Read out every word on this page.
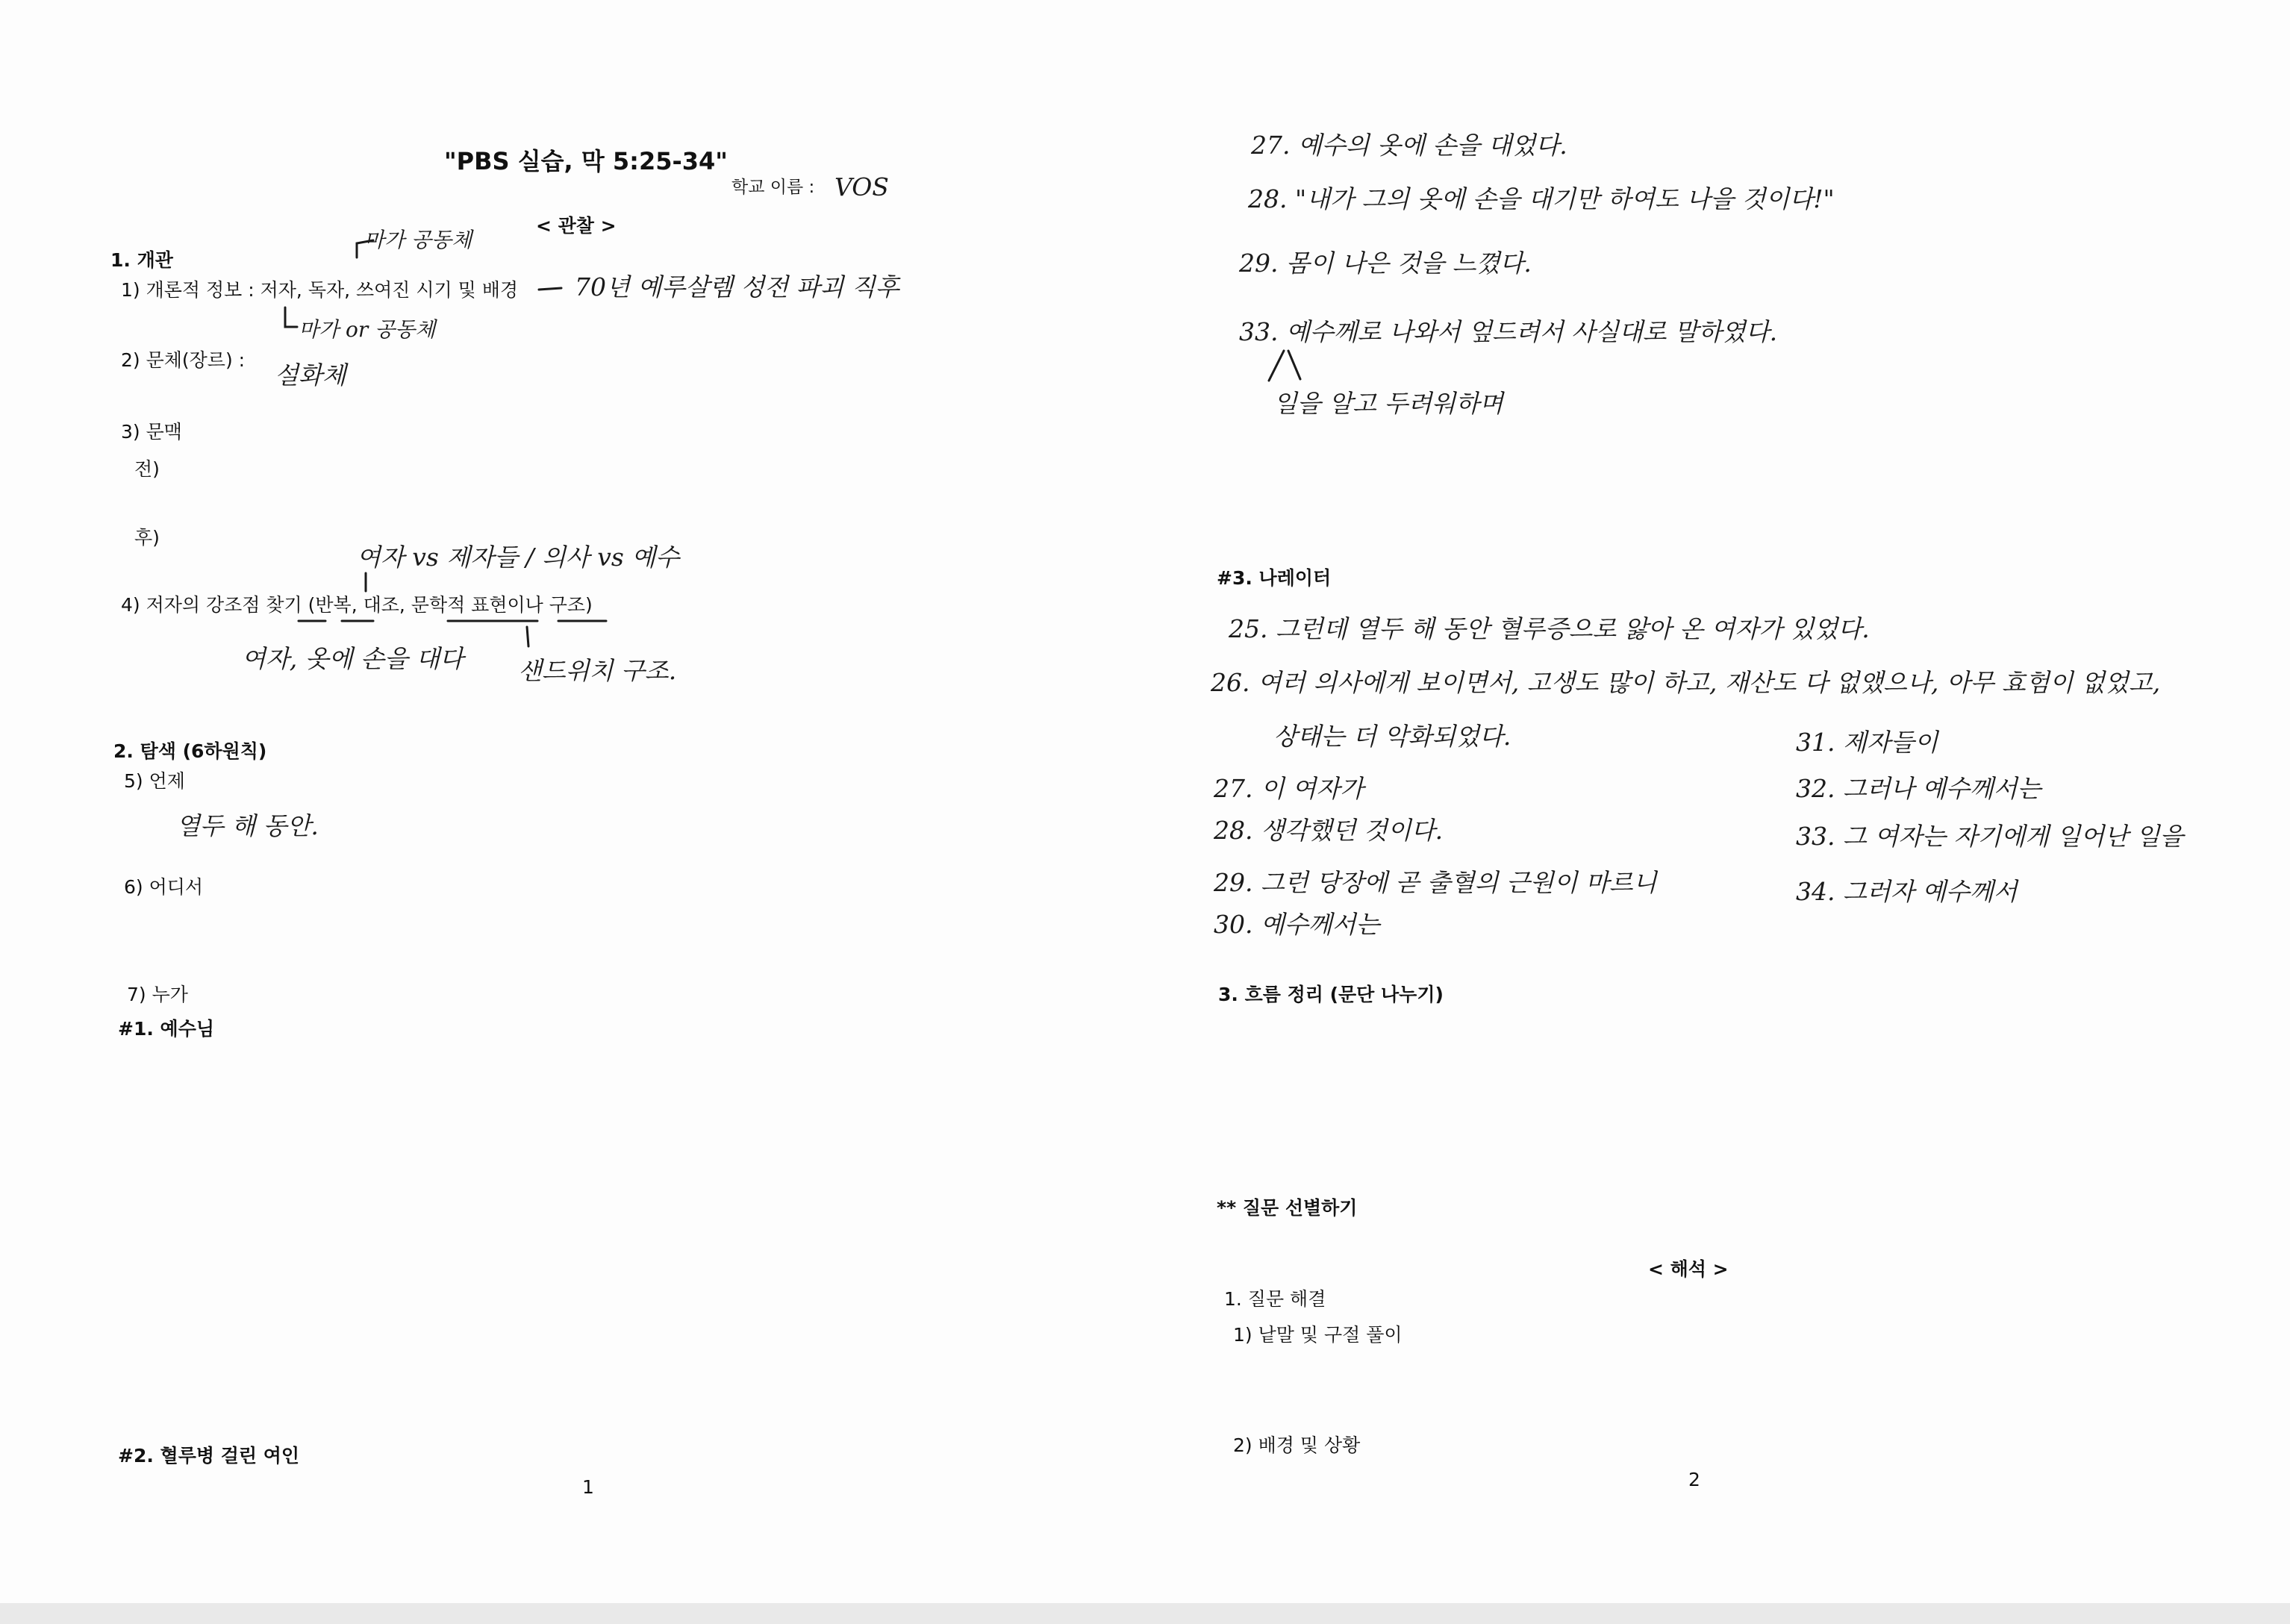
"PBS 실습, 막 5:25-34"
학교 이름 : VOS
< 관찰 >
1. 개관
마가 공동체
1) 개론적 정보 : 저자, 독자, 쓰여진 시기 및 배경 70년 예루살렘 성전 파괴 직후
마가 or 공동체
2) 문체(장르) :
설화체
3) 문맥
전)
후)
여자 vs 제자들 / 의사 vs 예수
4) 저자의 강조점 찾기 (반복, 대조, 문학적 표현이나 구조)
여자, 옷에 손을 대다 샌드위치 구조.
2. 탐색 (6하원칙)
5) 언제
열두 해 동안.
6) 어디서
7) 누가
#1. 예수님
#2. 혈루병 걸린 여인
1
27. 예수의 옷에 손을 대었다.
28. "내가 그의 옷에 손을 대기만 하여도 나을 것이다!"
29. 몸이 나은 것을 느꼈다.
33. 예수께로 나와서 엎드려서 사실대로 말하였다.
일을 알고 두려워하며
#3. 나레이터
25. 그런데 열두 해 동안 혈루증으로 앓아 온 여자가 있었다.
26. 여러 의사에게 보이면서, 고생도 많이 하고, 재산도 다 없앴으나, 아무 효험이 없었고,
상태는 더 악화되었다.
27. 이 여자가
28. 생각했던 것이다.
29. 그런 당장에 곧 출혈의 근원이 마르니
30. 예수께서는
31. 제자들이
32. 그러나 예수께서는
33. 그 여자는 자기에게 일어난 일을
34. 그러자 예수께서
3. 흐름 정리 (문단 나누기)
** 질문 선별하기
< 해석 >
1. 질문 해결
1) 낱말 및 구절 풀이
2) 배경 및 상황
2
